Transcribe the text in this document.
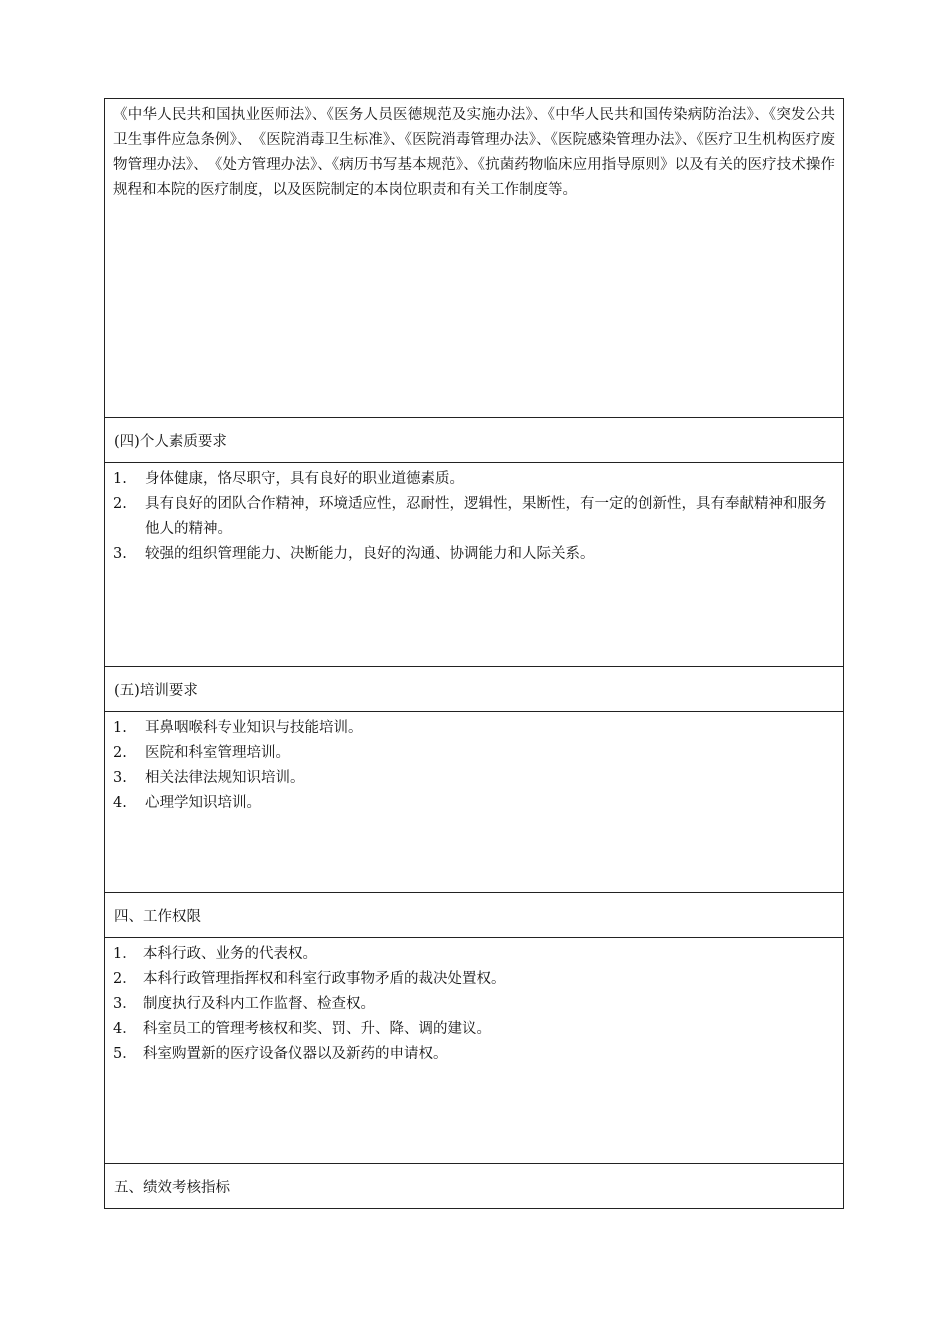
《中华人民共和国执业医师法》、《医务人员医德规范及实施办法》、《中华人民共和国传染病防治法》、《突发公共卫生事件应急条例》、　《医院消毒卫生标准》、《医院消毒管理办法》、《医院感染管理办法》、《医疗卫生机构医疗废物管理办法》、　《处方管理办法》、《病历书写基本规范》、《抗菌药物临床应用指导原则》以及有关的医疗技术操作规程和本院的医疗制度，以及医院制定的本岗位职责和有关工作制度等。
(四)个人素质要求
1.	身体健康，恪尽职守，具有良好的职业道德素质。
2.	具有良好的团队合作精神，环境适应性，忍耐性，逻辑性，果断性，有一定的创新性，具有奉献精神和服务他人的精神。
3.	较强的组织管理能力、决断能力，良好的沟通、协调能力和人际关系。
(五)培训要求
1.	耳鼻咽喉科专业知识与技能培训。
2.	医院和科室管理培训。
3.	相关法律法规知识培训。
4.	心理学知识培训。
四、工作权限
1． 本科行政、业务的代表权。
2． 本科行政管理指挥权和科室行政事物矛盾的裁决处置权。
3． 制度执行及科内工作监督、检查权。
4． 科室员工的管理考核权和奖、罚、升、降、调的建议。
5． 科室购置新的医疗设备仪器以及新药的申请权。
五、绩效考核指标
